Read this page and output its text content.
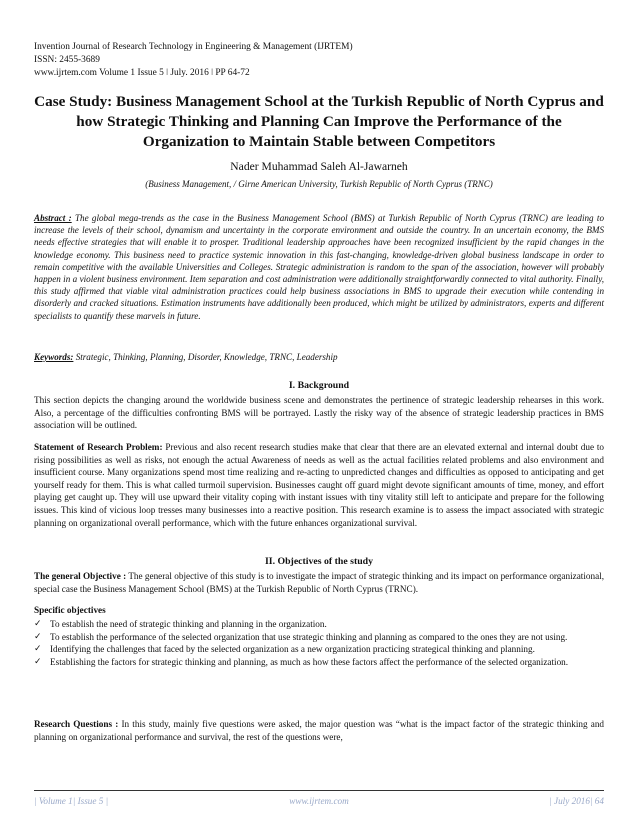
Invention Journal of Research Technology in Engineering & Management (IJRTEM)
ISSN: 2455-3689
www.ijrtem.com Volume 1 Issue 5 ǀ July. 2016 ǀ PP 64-72
Case Study: Business Management School at the Turkish Republic of North Cyprus and how Strategic Thinking and Planning Can Improve the Performance of the Organization to Maintain Stable between Competitors
Nader Muhammad Saleh Al-Jawarneh
(Business Management, / Girne American University, Turkish Republic of North Cyprus (TRNC)
Abstract : The global mega-trends as the case in the Business Management School (BMS) at Turkish Republic of North Cyprus (TRNC) are leading to increase the levels of their school, dynamism and uncertainty in the corporate environment and outside the country. In an uncertain economy, the BMS needs effective strategies that will enable it to prosper. Traditional leadership approaches have been recognized insufficient by the rapid changes in the knowledge economy. This business need to practice systemic innovation in this fast-changing, knowledge-driven global business landscape in order to remain competitive with the available Universities and Colleges. Strategic administration is random to the span of the association, however will probably happen in a violent business environment. Item separation and cost administration were additionally straightforwardly connected to vital authority. Finally, this study affirmed that viable vital administration practices could help business associations in BMS to upgrade their execution while contending in disorderly and cracked situations. Estimation instruments have additionally been produced, which might be utilized by administrators, experts and different specialists to quantify these marvels in future.
Keywords: Strategic, Thinking, Planning, Disorder, Knowledge, TRNC, Leadership
I. Background
This section depicts the changing around the worldwide business scene and demonstrates the pertinence of strategic leadership rehearses in this work. Also, a percentage of the difficulties confronting BMS will be portrayed. Lastly the risky way of the absence of strategic leadership practices in BMS association will be outlined.
Statement of Research Problem: Previous and also recent research studies make that clear that there are an elevated external and internal doubt due to rising possibilities as well as risks, not enough the actual Awareness of needs as well as the actual facilities related problems and also environment and insufficient course. Many organizations spend most time realizing and re-acting to unpredicted changes and difficulties as opposed to anticipating and get yourself ready for them. This is what called turmoil supervision. Businesses caught off guard might devote significant amounts of time, money, and effort playing get caught up. They will use upward their vitality coping with instant issues with tiny vitality still left to anticipate and prepare for the following issues. This kind of vicious loop tresses many businesses into a reactive position. This research examine is to assess the impact associated with strategic planning on organizational overall performance, which with the future enhances organizational survival.
II. Objectives of the study
The general Objective : The general objective of this study is to investigate the impact of strategic thinking and its impact on performance organizational, special case the Business Management School (BMS) at the Turkish Republic of North Cyprus (TRNC).
Specific objectives
✓ To establish the need of strategic thinking and planning in the organization.
✓ To establish the performance of the selected organization that use strategic thinking and planning as compared to the ones they are not using.
✓ Identifying the challenges that faced by the selected organization as a new organization practicing strategical thinking and planning.
✓ Establishing the factors for strategic thinking and planning, as much as how these factors affect the performance of the selected organization.
Research Questions : In this study, mainly five questions were asked, the major question was “what is the impact factor of the strategic thinking and planning on organizational performance and survival, the rest of the questions were,
| Volume 1| Issue 5 |	www.ijrtem.com	| July 2016| 64
